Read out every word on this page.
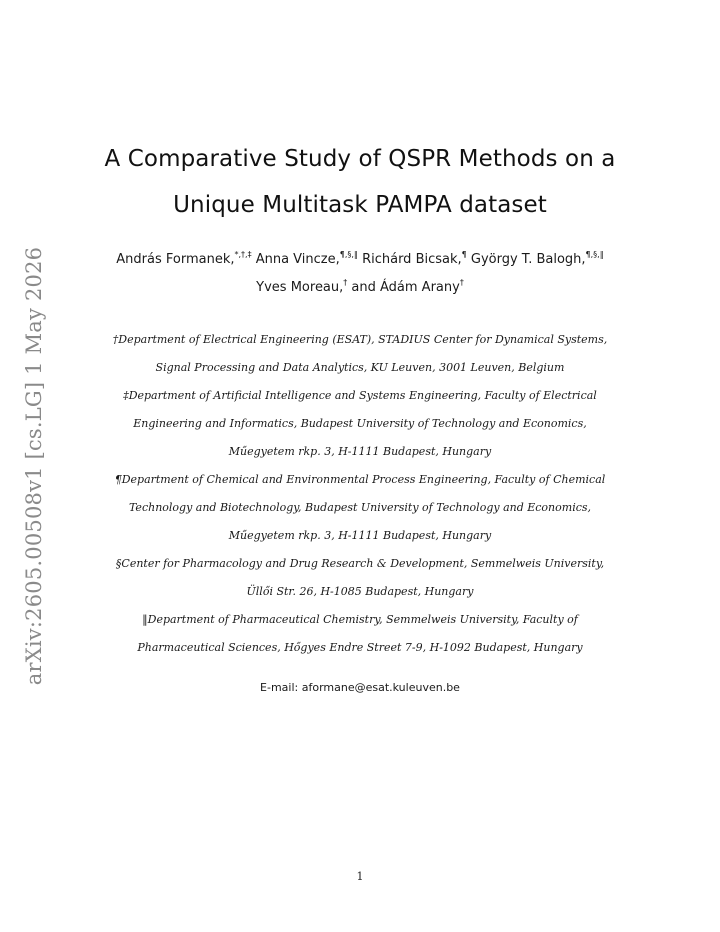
arXiv:2605.00508v1 [cs.LG] 1 May 2026
A Comparative Study of QSPR Methods on a
Unique Multitask PAMPA dataset
András Formanek,*,†,‡ Anna Vincze,¶,§,‖ Richárd Bicsak,¶ György T. Balogh,¶,§,‖
Yves Moreau,† and Ádám Arany†
†Department of Electrical Engineering (ESAT), STADIUS Center for Dynamical Systems,
Signal Processing and Data Analytics, KU Leuven, 3001 Leuven, Belgium
‡Department of Artificial Intelligence and Systems Engineering, Faculty of Electrical
Engineering and Informatics, Budapest University of Technology and Economics,
Műegyetem rkp. 3, H-1111 Budapest, Hungary
¶Department of Chemical and Environmental Process Engineering, Faculty of Chemical
Technology and Biotechnology, Budapest University of Technology and Economics,
Műegyetem rkp. 3, H-1111 Budapest, Hungary
§Center for Pharmacology and Drug Research & Development, Semmelweis University,
Üllői Str. 26, H-1085 Budapest, Hungary
‖Department of Pharmaceutical Chemistry, Semmelweis University, Faculty of
Pharmaceutical Sciences, Hőgyes Endre Street 7-9, H-1092 Budapest, Hungary
E-mail: aformane@esat.kuleuven.be
1
